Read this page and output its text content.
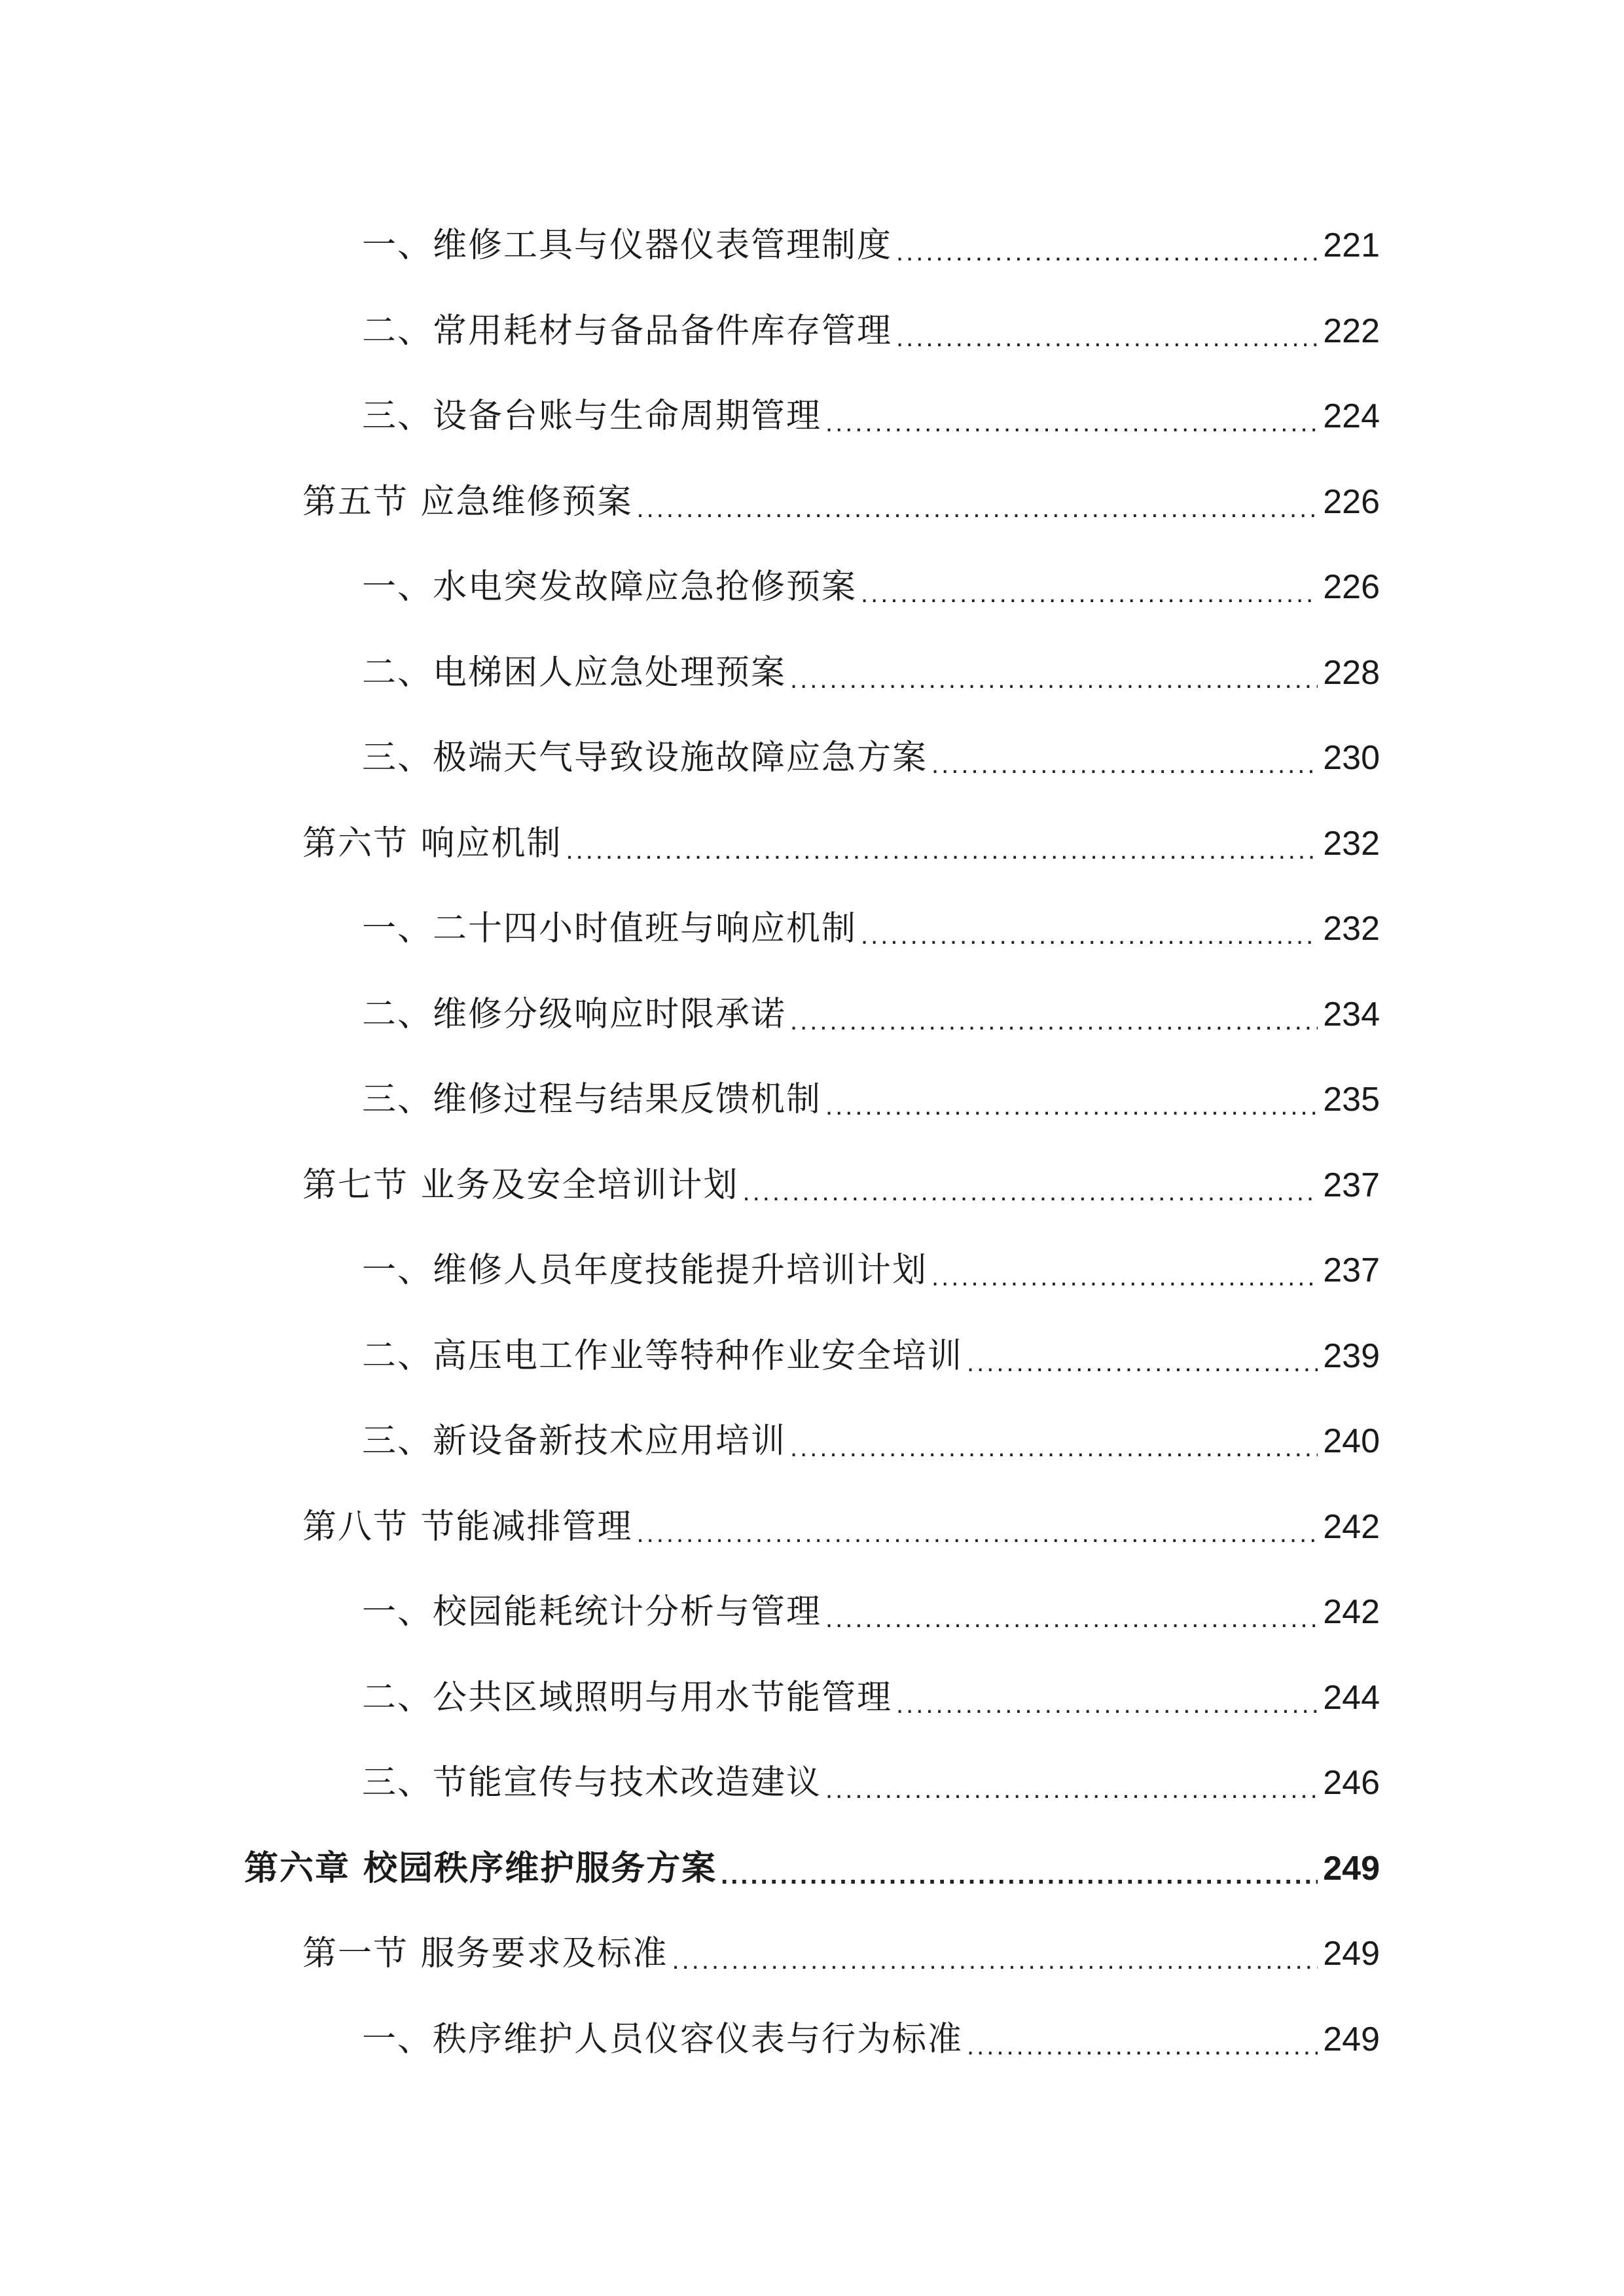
一、维修工具与仪器仪表管理制度 .....	221
二、常用耗材与备品备件库存管理 .....	222
三、设备台账与生命周期管理 .....	224
第五节 应急维修预案 .....	226
一、水电突发故障应急抢修预案 .....	226
二、电梯困人应急处理预案 .....	228
三、极端天气导致设施故障应急方案 .....	230
第六节 响应机制 .....	232
一、二十四小时值班与响应机制 .....	232
二、维修分级响应时限承诺 .....	234
三、维修过程与结果反馈机制 .....	235
第七节 业务及安全培训计划 .....	237
一、维修人员年度技能提升培训计划 .....	237
二、高压电工作业等特种作业安全培训 .....	239
三、新设备新技术应用培训 .....	240
第八节 节能减排管理 .....	242
一、校园能耗统计分析与管理 .....	242
二、公共区域照明与用水节能管理 .....	244
三、节能宣传与技术改造建议 .....	246
第六章 校园秩序维护服务方案 .....	249
第一节 服务要求及标准 .....	249
一、秩序维护人员仪容仪表与行为标准 .....	249
